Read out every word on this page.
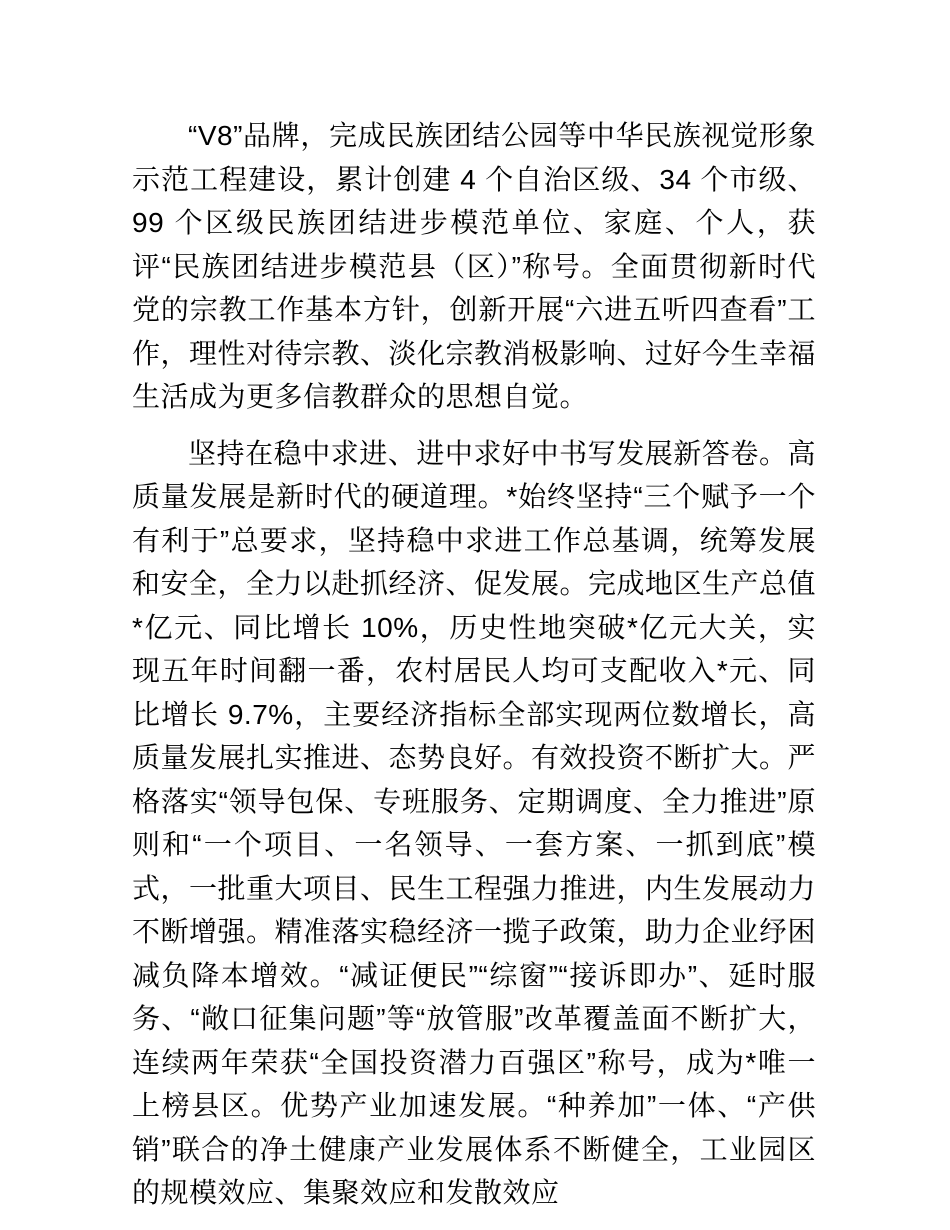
“V8”品牌，完成民族团结公园等中华民族视觉形象示范工程建设，累计创建 4 个自治区级、34 个市级、99 个区级民族团结进步模范单位、家庭、个人，获评“民族团结进步模范县（区）”称号。全面贯彻新时代党的宗教工作基本方针，创新开展“六进五听四查看”工作，理性对待宗教、淡化宗教消极影响、过好今生幸福生活成为更多信教群众的思想自觉。

坚持在稳中求进、进中求好中书写发展新答卷。高质量发展是新时代的硬道理。*始终坚持“三个赋予一个有利于”总要求，坚持稳中求进工作总基调，统筹发展和安全，全力以赴抓经济、促发展。完成地区生产总值*亿元、同比增长 10%，历史性地突破*亿元大关，实现五年时间翻一番，农村居民人均可支配收入*元、同比增长 9.7%，主要经济指标全部实现两位数增长，高质量发展扎实推进、态势良好。有效投资不断扩大。严格落实“领导包保、专班服务、定期调度、全力推进”原则和“一个项目、一名领导、一套方案、一抓到底”模式，一批重大项目、民生工程强力推进，内生发展动力不断增强。精准落实稳经济一揽子政策，助力企业纾困减负降本增效。“减证便民”“综窗”“接诉即办”、延时服务、“敞口征集问题”等“放管服”改革覆盖面不断扩大，连续两年荣获“全国投资潜力百强区”称号，成为*唯一上榜县区。优势产业加速发展。“种养加”一体、“产供销”联合的净土健康产业发展体系不断健全，工业园区的规模效应、集聚效应和发散效应
